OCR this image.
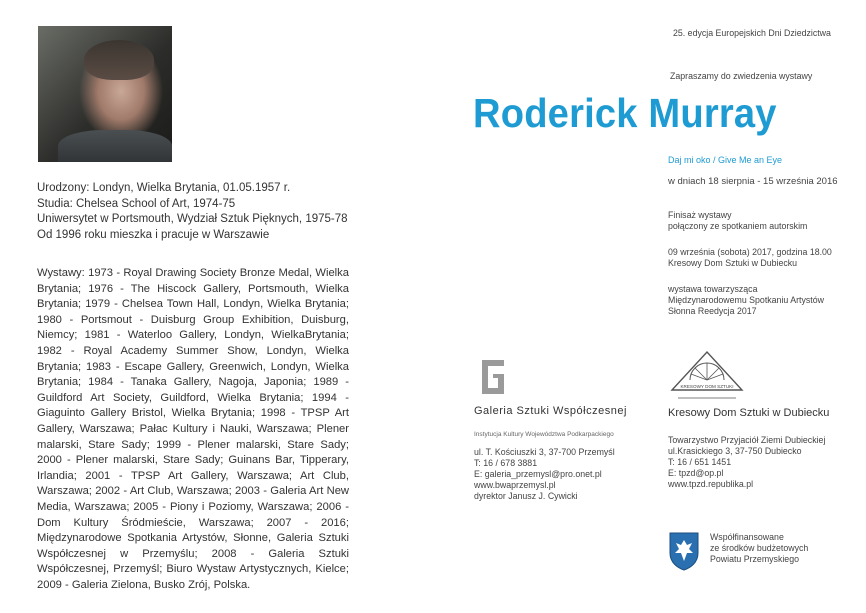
Urodzony: Londyn, Wielka Brytania, 01.05.1957 r.
Studia: Chelsea School of Art, 1974-75
Uniwersytet w Portsmouth, Wydział Sztuk Pięknych, 1975-78
Od 1996 roku mieszka i pracuje w Warszawie
Wystawy: 1973 - Royal Drawing Society Bronze Medal, Wielka Brytania; 1976 - The Hiscock Gallery, Portsmouth, Wielka Brytania; 1979 - Chelsea Town Hall, Londyn, Wielka Brytania; 1980 - Portsmout - Duisburg Group Exhibition, Duisburg, Niemcy; 1981 - Waterloo Gallery, Londyn, WielkaBrytania; 1982 - Royal Academy Summer Show, Londyn, Wielka Brytania; 1983 - Escape Gallery, Greenwich, Londyn, Wielka Brytania; 1984 - Tanaka Gallery, Nagoja, Japonia; 1989 - Guildford Art Society, Guildford, Wielka Brytania; 1994 - Giaguinto Gallery Bristol, Wielka Brytania; 1998 - TPSP Art Gallery, Warszawa; Pałac Kultury i Nauki, Warszawa; Plener malarski, Stare Sady; 1999 - Plener malarski, Stare Sady; 2000 - Plener malarski, Stare Sady; Guinans Bar, Tipperary, Irlandia; 2001 - TPSP Art Gallery, Warszawa; Art Club, Warszawa; 2002 - Art Club, Warszawa; 2003 - Galeria Art New Media, Warszawa; 2005 - Piony i Poziomy, Warszawa; 2006 - Dom Kultury Śródmieście, Warszawa; 2007 - 2016; Międzynarodowe Spotkania Artystów, Słonne, Galeria Sztuki Współczesnej w Przemyślu; 2008 - Galeria Sztuki Współczesnej, Przemyśl; Biuro Wystaw Artystycznych, Kielce; 2009 - Galeria Zielona, Busko Zrój, Polska.
25. edycja Europejskich Dni Dziedzictwa
Zapraszamy do zwiedzenia wystawy
Roderick Murray
Daj mi oko / Give Me an Eye
w dniach 18 sierpnia - 15 września 2016
Finisaż wystawy
połączony ze spotkaniem autorskim
09 września (sobota) 2017, godzina 18.00
Kresowy Dom Sztuki w Dubiecku
wystawa towarzysząca
Międzynarodowemu Spotkaniu Artystów
Słonna Reedycja 2017
Galeria Sztuki Współczesnej
Instytucja Kultury Województwa Podkarpackiego
ul. T. Kościuszki 3, 37-700 Przemyśl
T: 16 / 678 3881
E: galeria_przemysl@pro.onet.pl
www.bwaprzemysl.pl
dyrektor Janusz J. Cywicki
KRESOWY DOM SZTUKI
Kresowy Dom Sztuki w Dubiecku
Towarzystwo Przyjaciół Ziemi Dubieckiej
ul.Krasickiego 3, 37-750 Dubiecko
T: 16 / 651 1451
E: tpzd@op.pl
www.tpzd.republika.pl
Współfinansowane
ze środków budżetowych
Powiatu Przemyskiego
